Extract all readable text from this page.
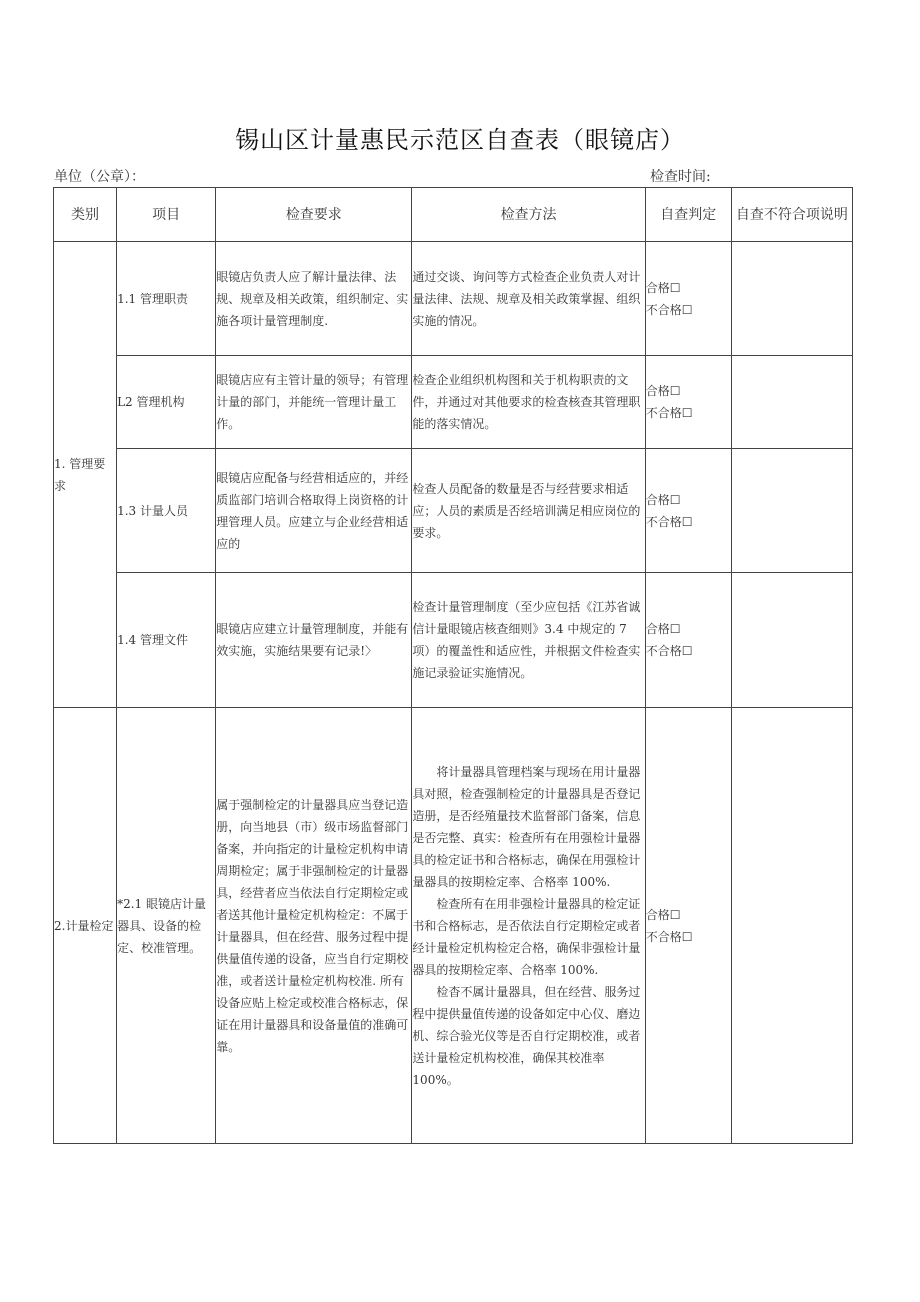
锡山区计量惠民示范区自查表（眼镜店）
单位（公章）：	检查时间:
类别	项目	检查要求	检查方法	自查判定	自查不符合项说明
1. 管理要求	1.1 管理职责	眼镜店负责人应了解计量法律、法规、规章及相关政策，组织制定、实施各项计量管理制度.	通过交谈、询问等方式检查企业负责人对计量法律、法规、规章及相关政策掌握、组织实施的情况。	合格☐
不合格☐	

	L2 管理机构	眼镜店应有主管计量的领导；有管理计量的部门，并能统一管理计量工作。	检查企业组织机构图和关于机构职责的文件，并通过对其他要求的检查核查其管理职能的落实情况。	合格☐
不合格☐	

	1.3 计量人员	眼镜店应配备与经营相适应的，并经质监部门培训合格取得上岗资格的计理管理人员。应建立与企业经营相适应的	检查人员配备的数量是否与经营要求相适应；人员的素质是否经培训满足相应岗位的要求。	合格☐
不合格☐	

	1.4 管理文件	眼镜店应建立计量管理制度，并能有效实施，实施结果要有记录!〉	检查计量管理制度（至少应包括《江苏省诚信计量眼镜店核查细则》3.4 中规定的 7 项）的覆盖性和适应性，并根据文件检查实施记录验证实施情况。	合格☐
不合格☐	

2.计量检定	*2.1 眼镜店计量器具、设备的检定、校准管理。	属于强制检定的计量器具应当登记造册，向当地县（市）级市场监督部门备案，并向指定的计量检定机构申请周期检定；属于非强制检定的计量器具，经营者应当依法自行定期检定或者送其他计量检定机构检定：不属于计量器具，但在经营、服务过程中提供量值传递的设备，应当自行定期校准，或者送计量检定机构校准. 所有设备应贴上检定或校准合格标志，保证在用计量器具和设备量值的准确可靠。	将计量器具管理档案与现场在用计量器具对照，检查强制检定的计量器具是否登记造册，是否经殖量技术监督部门备案，信息是否完整、真实：检查所有在用强检计量器具的检定证书和合格标志，确保在用强检计量器具的按期检定率、合格率 100%.
检查所有在用非强检计量器具的检定证书和合格标志，是否依法自行定期检定或者经计量检定机构检定合格，确保非强检计量器具的按期检定率、合格率 100%.
检杳不属计量器具，但在经营、服务过程中提供量值传递的设备如定中心仪、磨边机、综合验光仪等是否自行定期校准，或者送计量检定机构校准，确保其校准率 100%。	合格☐
不合格☐	
